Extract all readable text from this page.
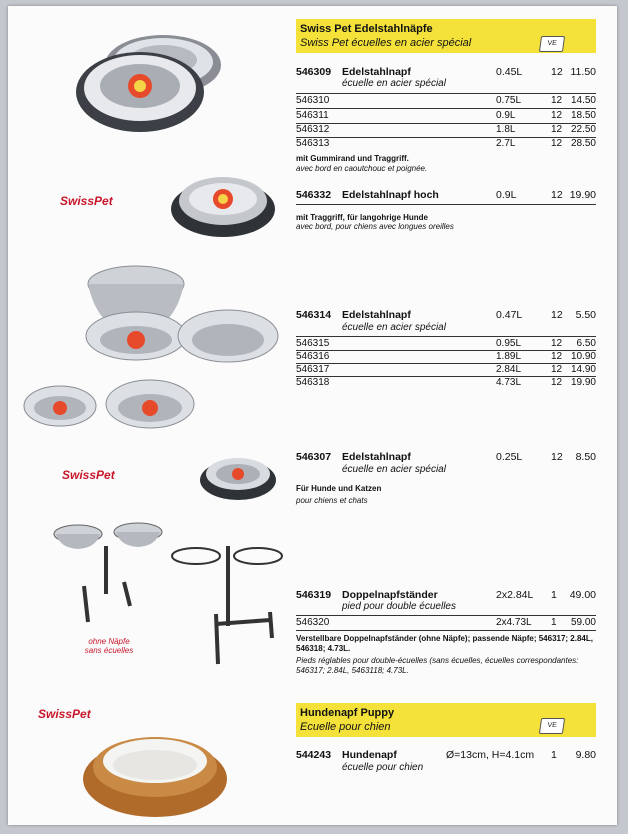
Swiss Pet Edelstahlnäpfe
Swiss Pet écuelles en acier spécial	VE
546309 Edelstahlnapf	0.45L	12 11.50
écuelle en acier spécial
546310	0.75L	12 14.50
546311	0.9L	12 18.50
546312	1.8L	12 22.50
546313	2.7L	12 28.50
mit Gummirand und Traggriff.
avec bord en caoutchouc et poignée.
SwissPet	546332 Edelstahlnapf hoch	0.9L	12 19.90
mit Traggriff, für langohrige Hunde
avec bord, pour chiens avec longues oreilles
546314 Edelstahlnapf	0.47L	12 5.50
écuelle en acier spécial
546315	0.95L	12 6.50
546316	1.89L	12 10.90
546317	2.84L	12 14.90
546318	4.73L	12 19.90
SwissPet
546307 Edelstahlnapf	0.25L	12 8.50
écuelle en acier spécial
Für Hunde und Katzen
pour chiens et chats
ohne Näpfe
sans écuelles
546319 Doppelnapfständer	2x2.84L 1 49.00
pied pour double écuelles
546320	2x4.73L 1 59.00
Verstellbare Doppelnapfständer (ohne Näpfe); passende Näpfe; 546317; 2.84L, 546318; 4.73L.
Pieds réglables pour double-écuelles (sans écuelles, écuelles correspondantes: 546317; 2.84L, 5463118; 4.73L.
Hundenapf Puppy
Ecuelle pour chien	VE
SwissPet
544243 Hundenapf	Ø=13cm, H=4.1cm 1 9.80
écuelle pour chien
